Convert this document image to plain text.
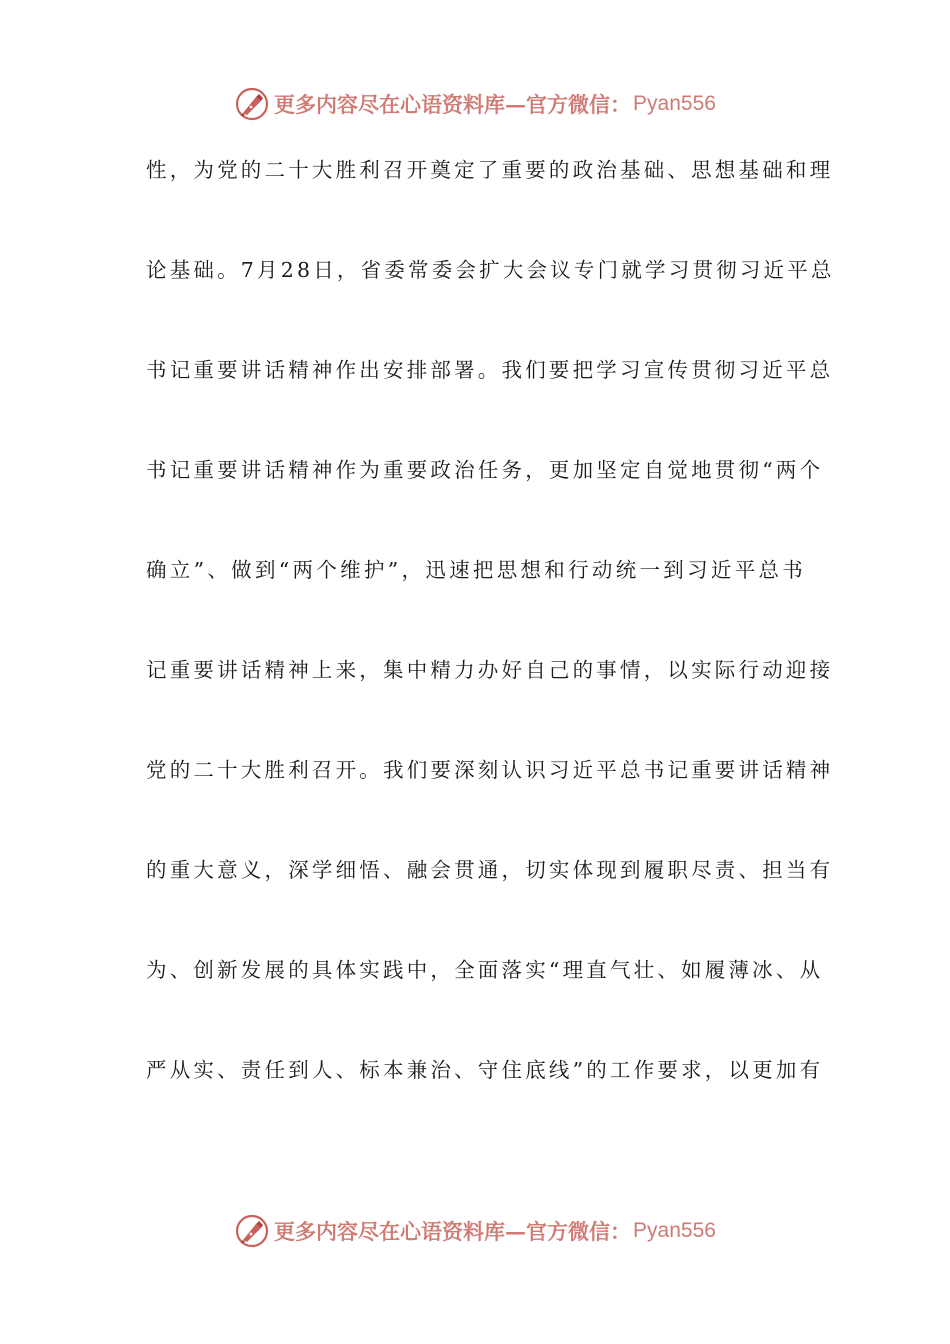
更多内容尽在心语资料库—官方微信： Pyan556
性，为党的二十大胜利召开奠定了重要的政治基础、思想基础和理
论基础。7月28日，省委常委会扩大会议专门就学习贯彻习近平总
书记重要讲话精神作出安排部署。我们要把学习宣传贯彻习近平总
书记重要讲话精神作为重要政治任务，更加坚定自觉地贯彻“两个
确立”、做到“两个维护”，迅速把思想和行动统一到习近平总书
记重要讲话精神上来，集中精力办好自己的事情，以实际行动迎接
党的二十大胜利召开。我们要深刻认识习近平总书记重要讲话精神
的重大意义，深学细悟、融会贯通，切实体现到履职尽责、担当有
为、创新发展的具体实践中，全面落实“理直气壮、如履薄冰、从
严从实、责任到人、标本兼治、守住底线”的工作要求，以更加有
更多内容尽在心语资料库—官方微信： Pyan556
